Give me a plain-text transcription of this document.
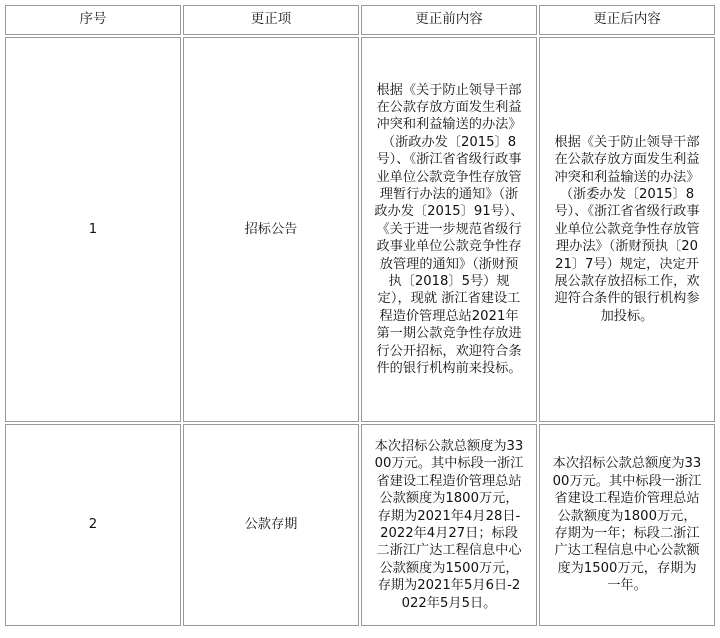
序号	更正项	更正前内容	更正后内容
1	招标公告	根据《关于防止领导干部在公款存放方面发生利益冲突和利益输送的办法》（浙政办发〔2015〕8号）、《浙江省省级行政事业单位公款竞争性存放管理暂行办法的通知》（浙政办发〔2015〕91号）、《关于进一步规范省级行政事业单位公款竞争性存放管理的通知》（浙财预执〔2018〕5号）规定），现就 浙江省建设工程造价管理总站2021年第一期公款竞争性存放进行公开招标，欢迎符合条件的银行机构前来投标。	根据《关于防止领导干部在公款存放方面发生利益冲突和利益输送的办法》（浙委办发〔2015〕8号）、《浙江省省级行政事业单位公款竞争性存放管理办法》（浙财预执〔2021〕7号）规定，决定开展公款存放招标工作，欢迎符合条件的银行机构参加投标。

2	公款存期	本次招标公款总额度为3300万元。其中标段一浙江省建设工程造价管理总站公款额度为1800万元，存期为2021年4月28日-2022年4月27日；标段二浙江广达工程信息中心公款额度为1500万元，存期为2021年5月6日-2022年5月5日。	本次招标公款总额度为3300万元。其中标段一浙江省建设工程造价管理总站公款额度为1800万元，存期为一年；标段二浙江广达工程信息中心公款额度为1500万元，存期为一年。
